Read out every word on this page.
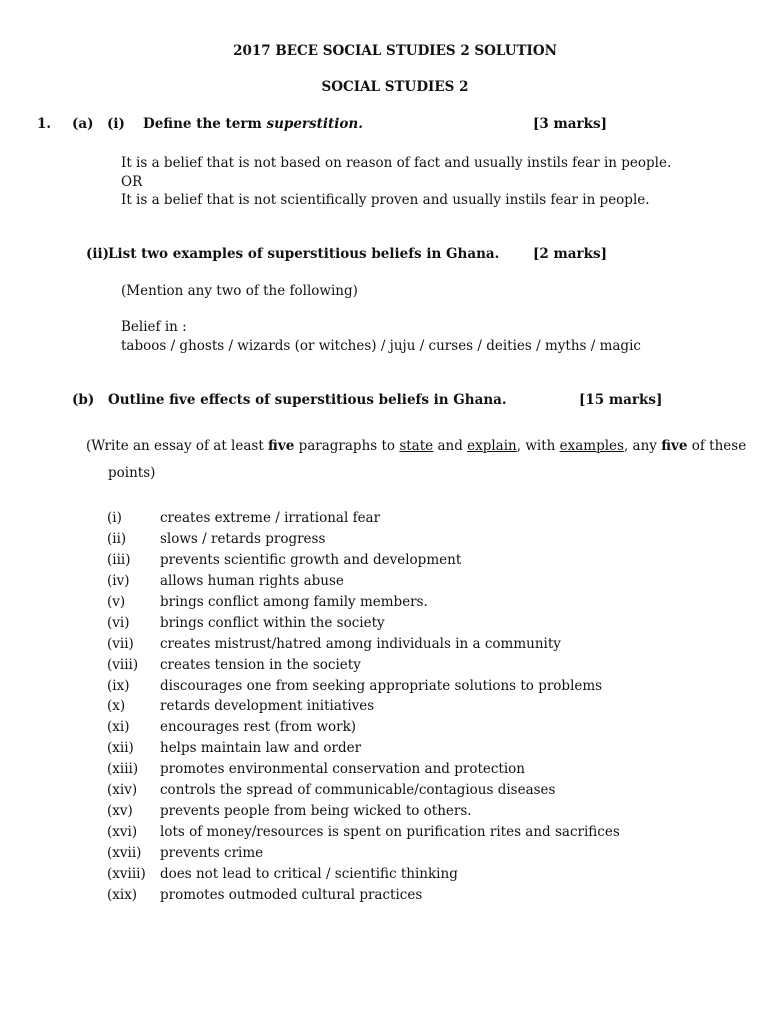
2017 BECE SOCIAL STUDIES 2 SOLUTION
SOCIAL STUDIES 2
1. (a) (i) Define the term superstition.	[3 marks]
It is a belief that is not based on reason of fact and usually instils fear in people.
OR
It is a belief that is not scientifically proven and usually instils fear in people.
(ii)
List two examples of superstitious beliefs in Ghana. [2 marks]
(Mention any two of the following)
Belief in :
taboos / ghosts / wizards (or witches) / juju / curses / deities / myths / magic
(b) Outline five effects of superstitious beliefs in Ghana.	[15 marks]
(Write an essay of at least five paragraphs to state and explain, with examples, any five of these
points)
(i)	creates extreme / irrational fear
(ii)	slows / retards progress
(iii) prevents scientific growth and development
(iv) allows human rights abuse
(v)	brings conflict among family members.
(vi) brings conflict within the society
(vii) creates mistrust/hatred among individuals in a community
(viii) creates tension in the society
(ix) discourages one from seeking appropriate solutions to problems
(x)	retards development initiatives
(xi) encourages rest (from work)
(xii) helps maintain law and order
(xiii) promotes environmental conservation and protection
(xiv) controls the spread of communicable/contagious diseases
(xv) prevents people from being wicked to others.
(xvi) lots of money/resources is spent on purification rites and sacrifices
(xvii) prevents crime
(xviii) does not lead to critical / scientific thinking
(xix) promotes outmoded cultural practices
